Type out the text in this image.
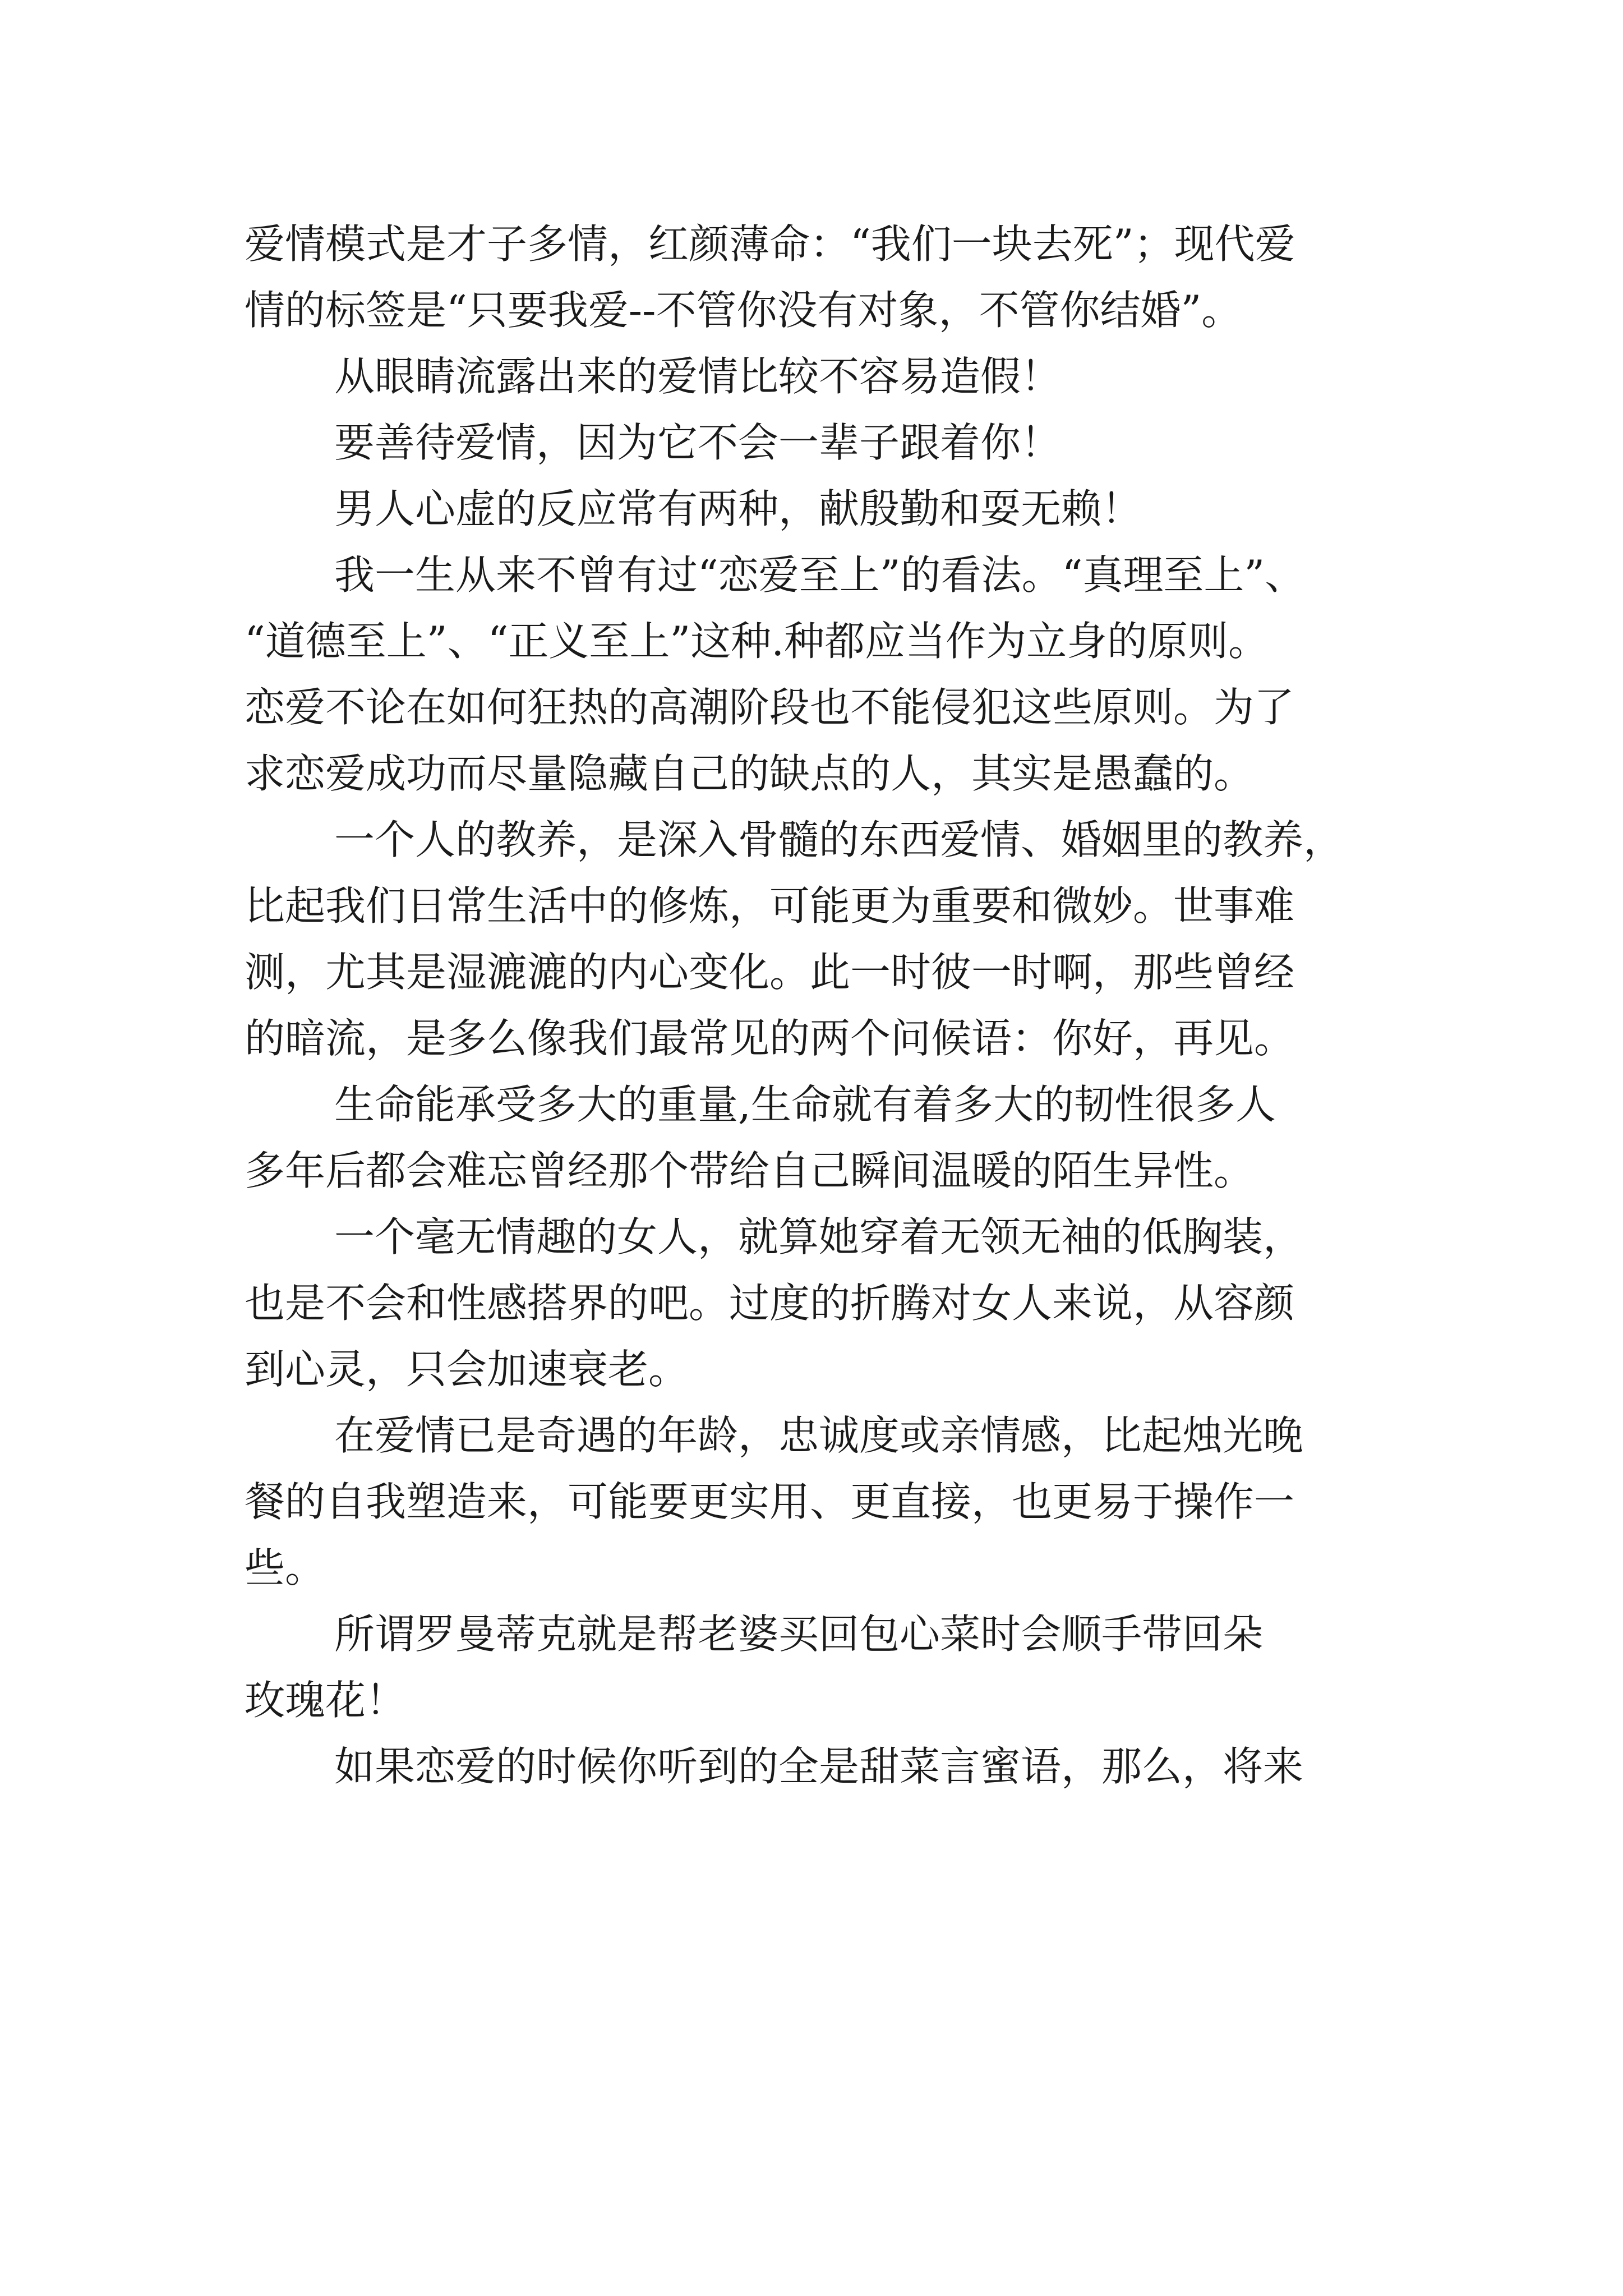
爱情模式是才子多情，红颜薄命：“我们一块去死”；现代爱
情的标签是“只要我爱--不管你没有对象，不管你结婚”。
从眼睛流露出来的爱情比较不容易造假！
要善待爱情，因为它不会一辈子跟着你！
男人心虚的反应常有两种，献殷勤和耍无赖！
我一生从来不曾有过“恋爱至上”的看法。“真理至上”、
“道德至上”、“正义至上”这种.种都应当作为立身的原则。
恋爱不论在如何狂热的高潮阶段也不能侵犯这些原则。为了
求恋爱成功而尽量隐藏自己的缺点的人，其实是愚蠢的。
一个人的教养，是深入骨髓的东西爱情、婚姻里的教养，
比起我们日常生活中的修炼，可能更为重要和微妙。世事难
测，尤其是湿漉漉的内心变化。此一时彼一时啊，那些曾经
的暗流，是多么像我们最常见的两个问候语：你好，再见。
生命能承受多大的重量,生命就有着多大的韧性很多人
多年后都会难忘曾经那个带给自己瞬间温暖的陌生异性。
一个毫无情趣的女人，就算她穿着无领无袖的低胸装，
也是不会和性感搭界的吧。过度的折腾对女人来说，从容颜
到心灵，只会加速衰老。
在爱情已是奇遇的年龄，忠诚度或亲情感，比起烛光晚
餐的自我塑造来，可能要更实用、更直接，也更易于操作一
些。
所谓罗曼蒂克就是帮老婆买回包心菜时会顺手带回朵
玫瑰花！
如果恋爱的时候你听到的全是甜菜言蜜语，那么，将来
